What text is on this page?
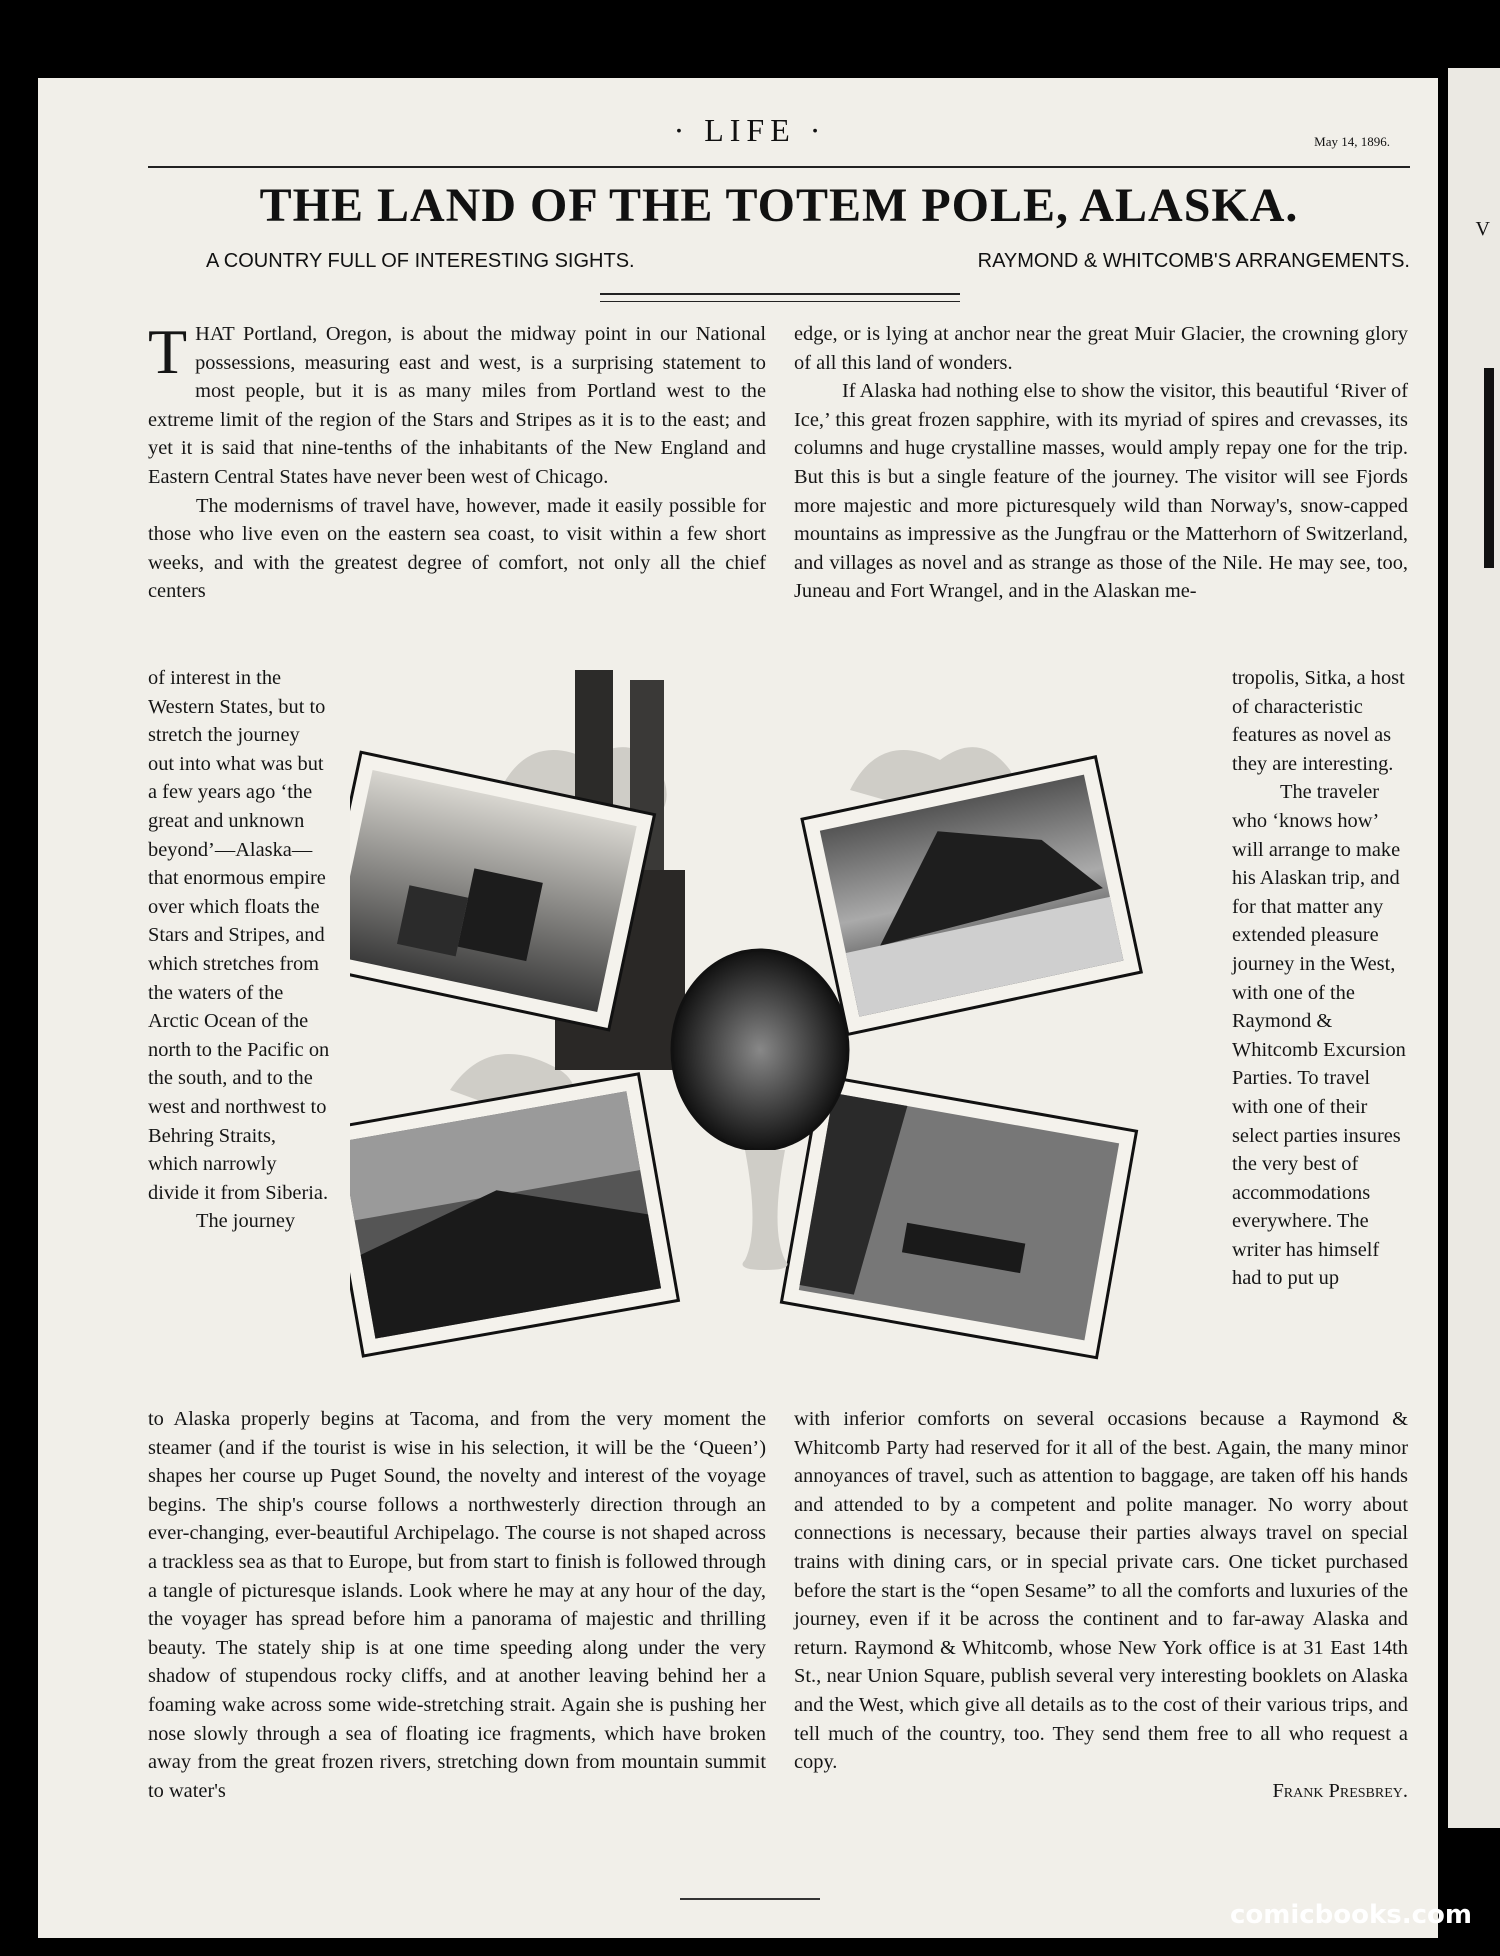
V
· LIFE ·	May 14, 1896.
THE LAND OF THE TOTEM POLE, ALASKA.
A COUNTRY FULL OF INTERESTING SIGHTS.	RAYMOND & WHITCOMB'S ARRANGEMENTS.

THAT Portland, Oregon, is about the midway point in our National possessions, measuring east and west, is a surprising statement to most people, but it is as many miles from Portland west to the extreme limit of the region of the Stars and Stripes as it is to the east; and yet it is said that nine-tenths of the inhabitants of the New England and Eastern Central States have never been west of Chicago.

The modernisms of travel have, however, made it easily possible for those who live even on the eastern sea coast, to visit within a few short weeks, and with the greatest degree of comfort, not only all the chief centers

of interest in the Western States, but to stretch the journey out into what was but a few years ago ‘the great and unknown beyond’—Alaska—that enormous empire over which floats the Stars and Stripes, and which stretches from the waters of the Arctic Ocean of the north to the Pacific on the south, and to the west and northwest to Behring Straits, which narrowly divide it from Siberia.

The journey

to Alaska properly begins at Tacoma, and from the very moment the steamer (and if the tourist is wise in his selection, it will be the ‘Queen’) shapes her course up Puget Sound, the novelty and interest of the voyage begins. The ship's course follows a northwesterly direction through an ever-changing, ever-beautiful Archipelago. The course is not shaped across a trackless sea as that to Europe, but from start to finish is followed through a tangle of picturesque islands. Look where he may at any hour of the day, the voyager has spread before him a panorama of majestic and thrilling beauty. The stately ship is at one time speeding along under the very shadow of stupendous rocky cliffs, and at another leaving behind her a foaming wake across some wide-stretching strait. Again she is pushing her nose slowly through a sea of floating ice fragments, which have broken away from the great frozen rivers, stretching down from mountain summit to water's

edge, or is lying at anchor near the great Muir Glacier, the crowning glory of all this land of wonders.

If Alaska had nothing else to show the visitor, this beautiful ‘River of Ice,’ this great frozen sapphire, with its myriad of spires and crevasses, its columns and huge crystalline masses, would amply repay one for the trip. But this is but a single feature of the journey. The visitor will see Fjords more majestic and more picturesquely wild than Norway's, snow-capped mountains as impressive as the Jungfrau or the Matterhorn of Switzerland, and villages as novel and as strange as those of the Nile. He may see, too, Juneau and Fort Wrangel, and in the Alaskan me-

tropolis, Sitka, a host of characteristic features as novel as they are interesting.

The traveler who ‘knows how’ will arrange to make his Alaskan trip, and for that matter any extended pleasure journey in the West, with one of the Raymond & Whitcomb Excursion Parties. To travel with one of their select parties insures the very best of accommodations everywhere. The writer has himself had to put up

with inferior comforts on several occasions because a Raymond & Whitcomb Party had reserved for it all of the best. Again, the many minor annoyances of travel, such as attention to baggage, are taken off his hands and attended to by a competent and polite manager. No worry about connections is necessary, because their parties always travel on special trains with dining cars, or in special private cars. One ticket purchased before the start is the “open Sesame” to all the comforts and luxuries of the journey, even if it be across the continent and to far-away Alaska and return. Raymond & Whitcomb, whose New York office is at 31 East 14th St., near Union Square, publish several very interesting booklets on Alaska and the West, which give all details as to the cost of their various trips, and tell much of the country, too. They send them free to all who request a copy.

Frank Presbrey.

comicbooks.com
